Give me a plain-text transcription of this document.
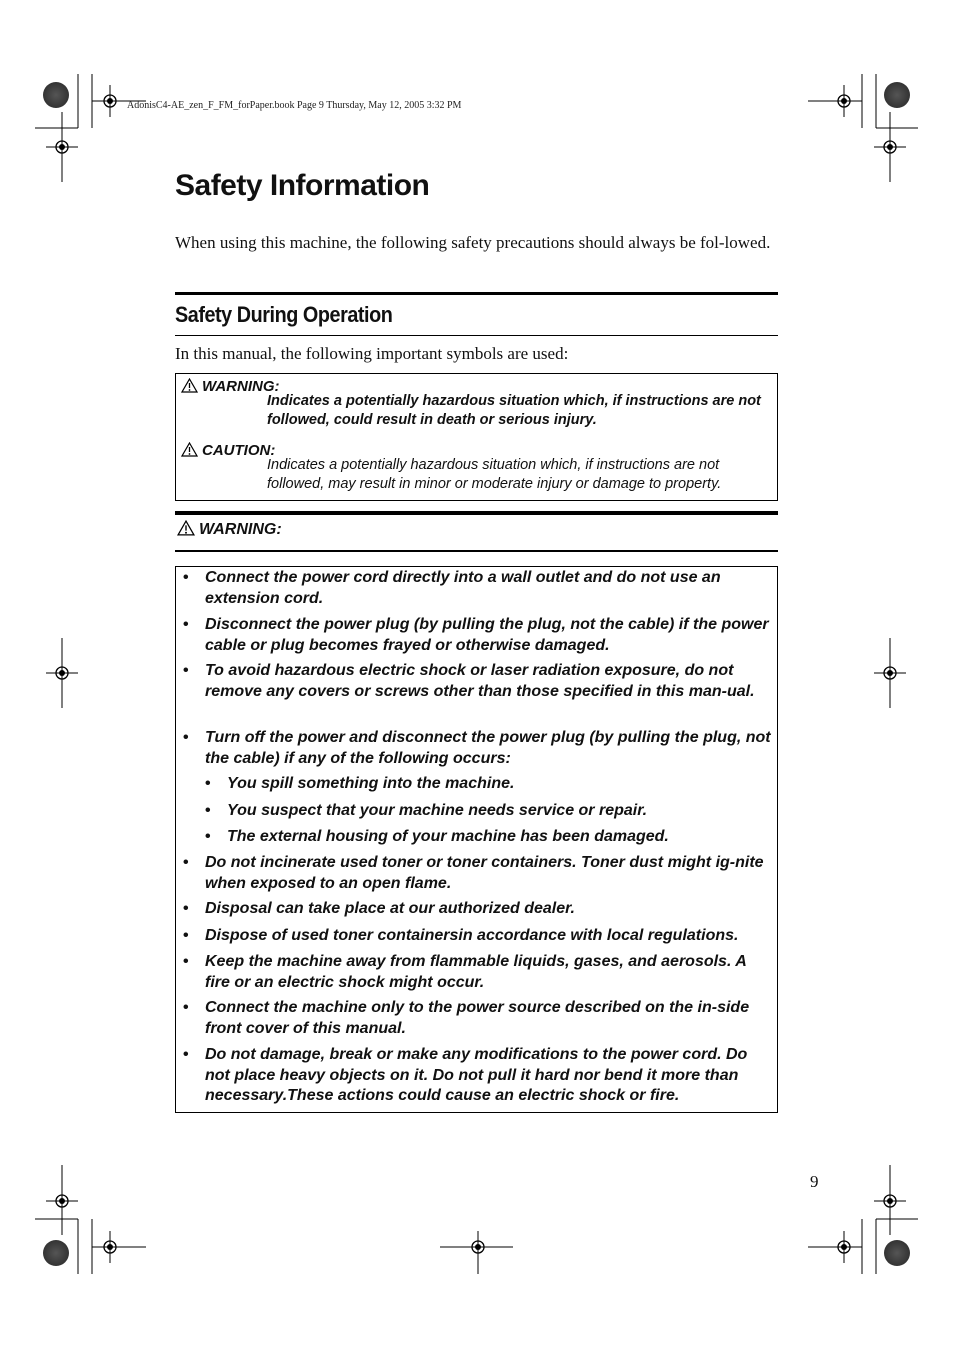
AdonisC4-AE_zen_F_FM_forPaper.book Page 9 Thursday, May 12, 2005 3:32 PM
Safety Information
When using this machine, the following safety precautions should always be fol-lowed.
Safety During Operation
In this manual, the following important symbols are used:
WARNING:
Indicates a potentially hazardous situation which, if instructions are not followed, could result in death or serious injury.
CAUTION:
Indicates a potentially hazardous situation which, if instructions are not followed, may result in minor or moderate injury or damage to property.
WARNING:
• Connect the power cord directly into a wall outlet and do not use an extension cord.
• Disconnect the power plug (by pulling the plug, not the cable) if the power cable or plug becomes frayed or otherwise damaged.
• To avoid hazardous electric shock or laser radiation exposure, do not remove any covers or screws other than those specified in this man-ual.
• Turn off the power and disconnect the power plug (by pulling the plug, not the cable) if any of the following occurs:
• You spill something into the machine.
• You suspect that your machine needs service or repair.
• The external housing of your machine has been damaged.
• Do not incinerate used toner or toner containers. Toner dust might ig-nite when exposed to an open flame.
• Disposal can take place at our authorized dealer.
• Dispose of used toner containersin accordance with local regulations.
• Keep the machine away from flammable liquids, gases, and aerosols. A fire or an electric shock might occur.
• Connect the machine only to the power source described on the in-side front cover of this manual.
• Do not damage, break or make any modifications to the power cord. Do not place heavy objects on it. Do not pull it hard nor bend it more than necessary.These actions could cause an electric shock or fire.
9
